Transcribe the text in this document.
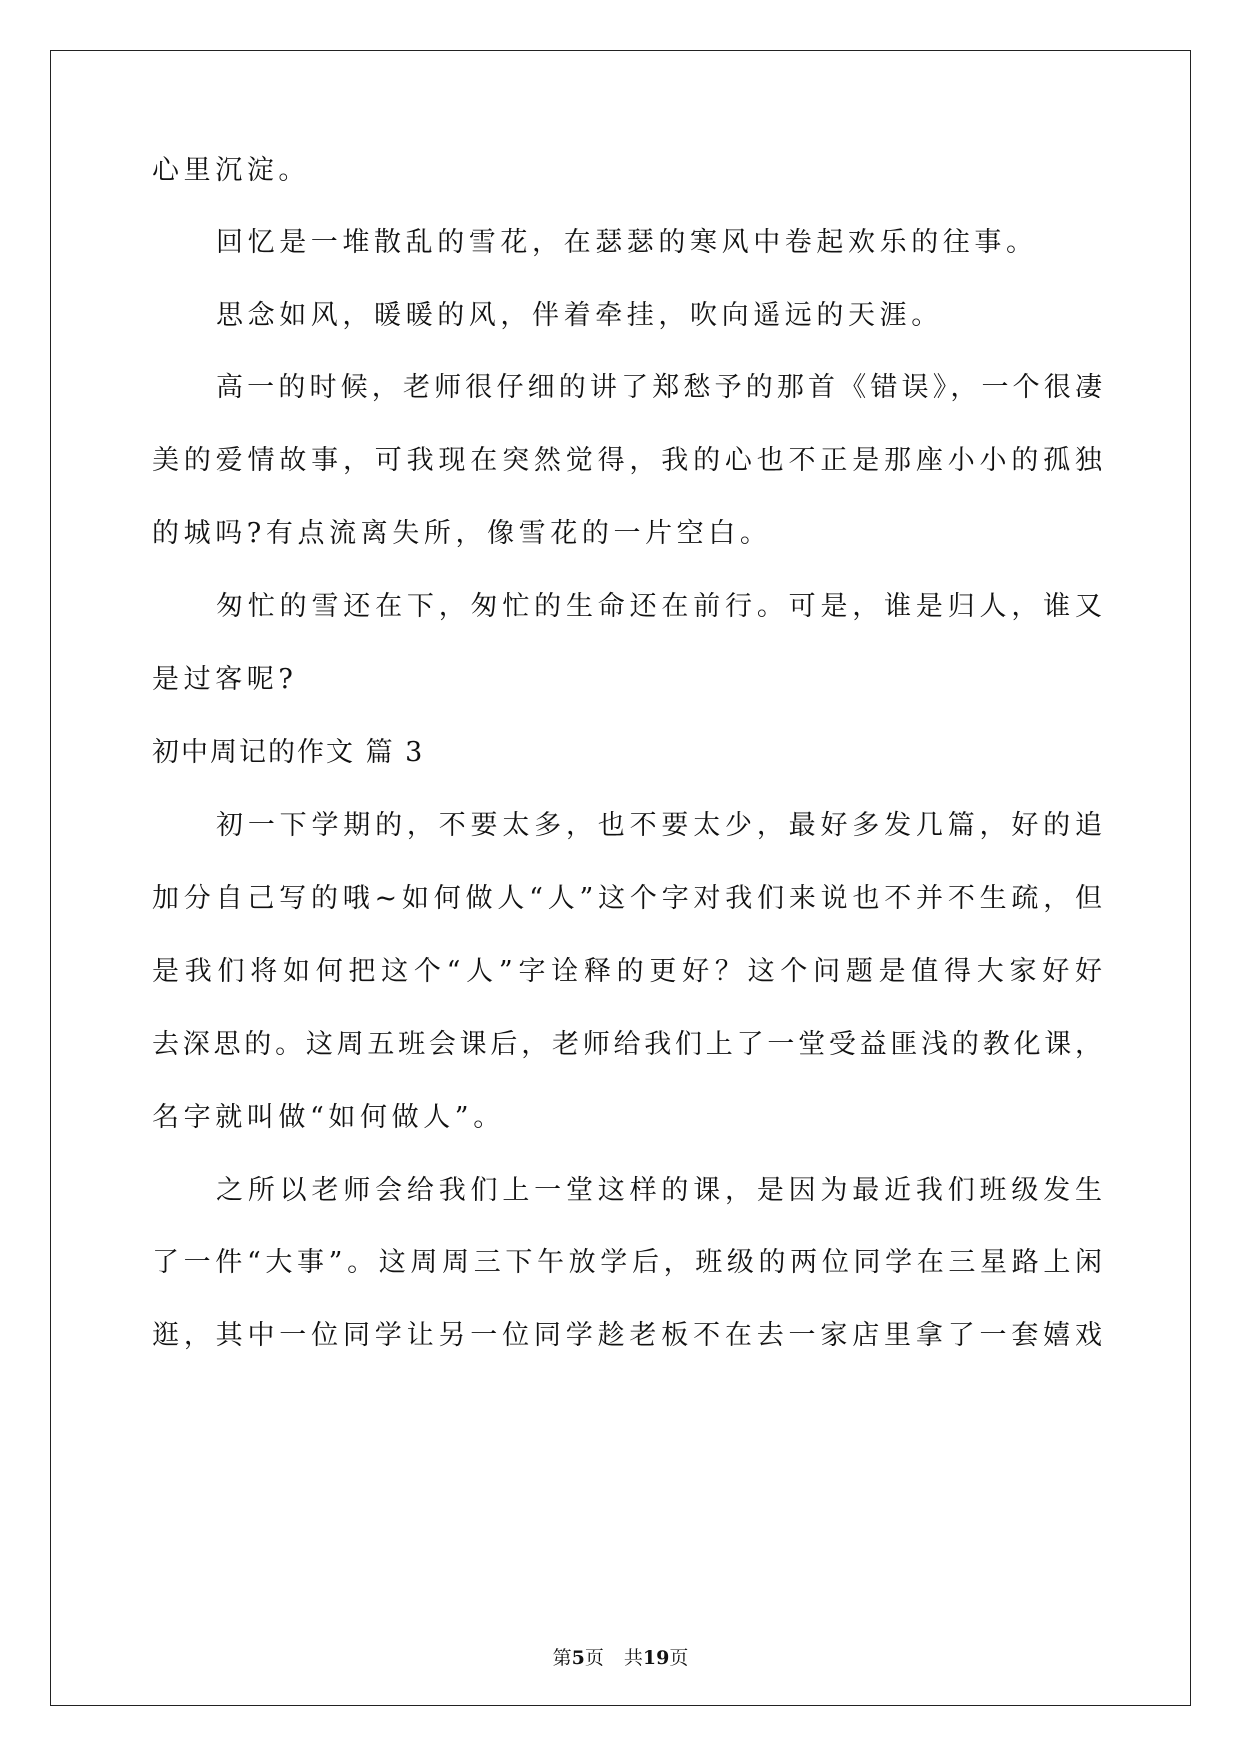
心里沉淀。
回忆是一堆散乱的雪花，在瑟瑟的寒风中卷起欢乐的往事。
思念如风，暖暖的风，伴着牵挂，吹向遥远的天涯。
高一的时候，老师很仔细的讲了郑愁予的那首《错误》，一个很凄
美的爱情故事，可我现在突然觉得，我的心也不正是那座小小的孤独
的城吗?有点流离失所，像雪花的一片空白。
匆忙的雪还在下，匆忙的生命还在前行。可是，谁是归人，谁又
是过客呢?
初中周记的作文 篇 3
初一下学期的，不要太多，也不要太少，最好多发几篇，好的追
加分自己写的哦~如何做人“人”这个字对我们来说也不并不生疏，但
是我们将如何把这个“人”字诠释的更好？这个问题是值得大家好好
去深思的。这周五班会课后，老师给我们上了一堂受益匪浅的教化课，
名字就叫做“如何做人”。
之所以老师会给我们上一堂这样的课，是因为最近我们班级发生
了一件“大事”。这周周三下午放学后，班级的两位同学在三星路上闲
逛，其中一位同学让另一位同学趁老板不在去一家店里拿了一套嬉戏
第5页 共19页
